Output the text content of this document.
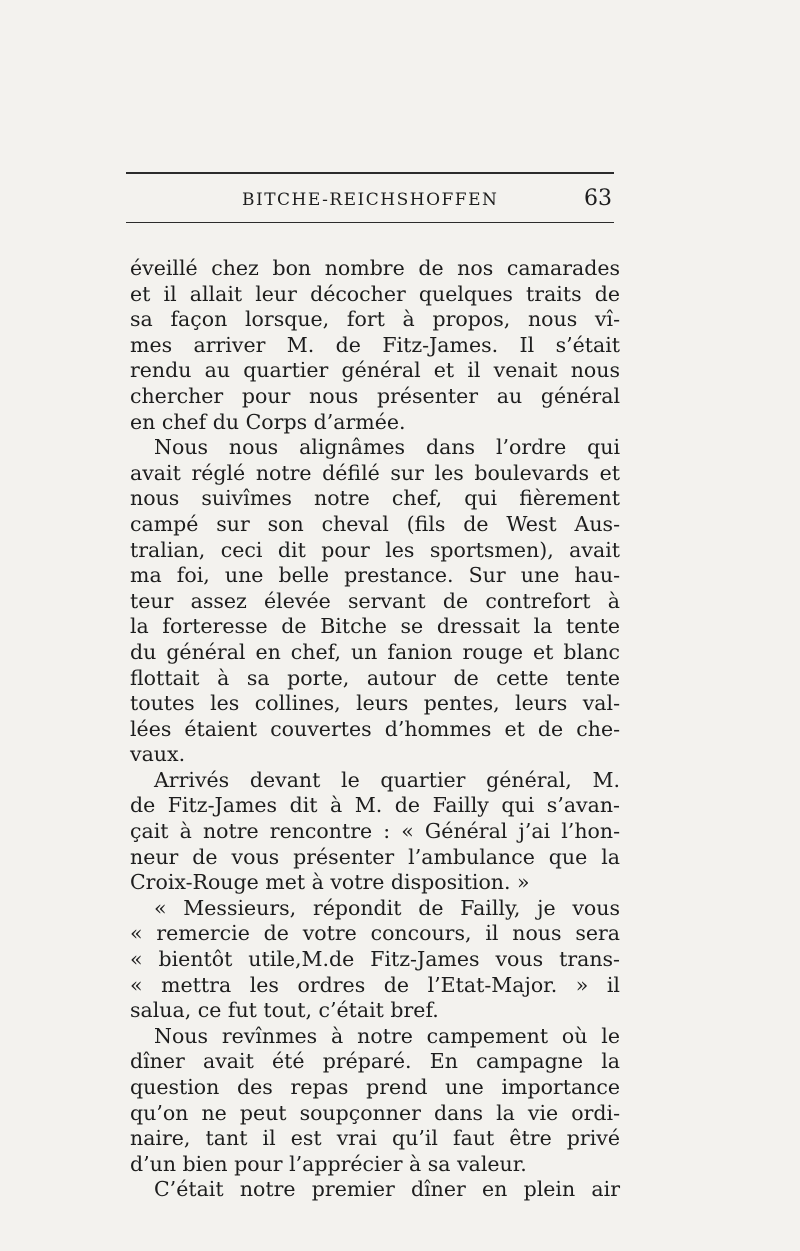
BITCHE-REICHSHOFFEN	63
éveillé chez bon nombre de nos camarades
et il allait leur décocher quelques traits de
sa façon lorsque, fort à propos, nous vî-
mes arriver M. de Fitz-James. Il s’était
rendu au quartier général et il venait nous
chercher pour nous présenter au général
en chef du Corps d’armée.
Nous nous alignâmes dans l’ordre qui
avait réglé notre défilé sur les boulevards et
nous suivîmes notre chef, qui fièrement
campé sur son cheval (fils de West Aus-
tralian, ceci dit pour les sportsmen), avait
ma foi, une belle prestance. Sur une hau-
teur assez élevée servant de contrefort à
la forteresse de Bitche se dressait la tente
du général en chef, un fanion rouge et blanc
flottait à sa porte, autour de cette tente
toutes les collines, leurs pentes, leurs val-
lées étaient couvertes d’hommes et de che-
vaux.
Arrivés devant le quartier général, M.
de Fitz-James dit à M. de Failly qui s’avan-
çait à notre rencontre : « Général j’ai l’hon-
neur de vous présenter l’ambulance que la
Croix-Rouge met à votre disposition. »
« Messieurs, répondit de Failly, je vous
« remercie de votre concours, il nous sera
« bientôt utile,M.de Fitz-James vous trans-
« mettra les ordres de l’Etat-Major. » il
salua, ce fut tout, c’était bref.
Nous revînmes à notre campement où le
dîner avait été préparé. En campagne la
question des repas prend une importance
qu’on ne peut soupçonner dans la vie ordi-
naire, tant il est vrai qu’il faut être privé
d’un bien pour l’apprécier à sa valeur.
C’était notre premier dîner en plein air
